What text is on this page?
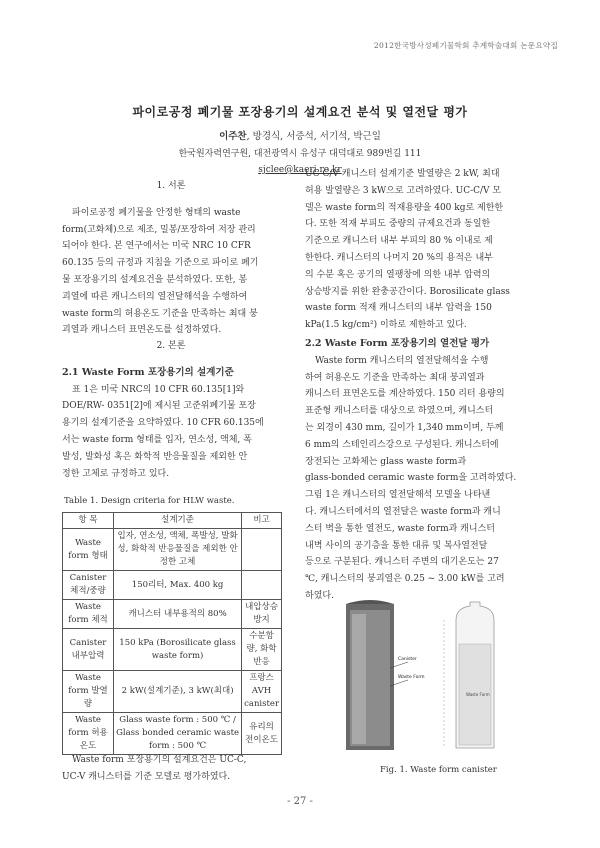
2012한국방사성폐기물학회 추계학술대회 논문요약집
파이로공정 폐기물 포장용기의 설계요건 분석 및 열전달 평가
이주찬, 방경식, 서증석, 서기석, 박근일
한국원자력연구원, 대전광역시 유성구 대덕대로 989번길 111
sjclee@kaeri.re.kr

1. 서론

파이로공정 폐기물을 안정한 형태의 waste

form(고화체)으로 제조, 밀봉/포장하여 저장 관리

되어야 한다. 본 연구에서는 미국 NRC 10 CFR

60.135 등의 규정과 지침을 기준으로 파이로 폐기

물 포장용기의 설계요건을 분석하였다. 또한, 봉

괴열에 따른 캐니스터의 열전달해석을 수행하여

waste form의 허용온도 기준을 만족하는 최대 붕

괴열과 캐니스터 표면온도를 설정하였다.

2. 본론

2.1 Waste Form 포장용기의 설계기준

표 1은 미국 NRC의 10 CFR 60.135[1]와

DOE/RW- 0351[2]에 제시된 고준위폐기물 포장

용기의 설계기준을 요약하였다. 10 CFR 60.135에

서는 waste form 형태를 입자, 연소성, 액체, 폭

발성, 발화성 혹은 화학적 반응물질을 제외한 안

정한 고체로 규정하고 있다.

Table 1. Design criteria for HLW waste.
항 목	설계기준	비고
Waste form 형태	입자, 연소성, 액체, 폭발성, 발화성, 화학적 반응물질을 제외한 안정한 고체	
Canister 체적/중량	150리터, Max. 400 kg	
Waste form 체적	캐니스터 내부용적의 80%	내압상승 방지
Canister 내부압력	150 kPa (Borosilicate glass waste form)	수분함량, 화학반응
Waste form 발열량	2 kW(설계기준), 3 kW(최대)	프랑스 AVH canister
Waste form 허용온도	Glass waste form : 500 ℃ / Glass bonded ceramic waste form : 500 ℃	유리의 전이온도

Waste form 포장용기의 설계요건은 UC-C,

UC-V 캐니스터를 기준 모델로 평가하였다.

UC-C/V 캐니스터 설계기준 발열량은 2 kW, 최대

허용 발열량은 3 kW으로 고려하였다. UC-C/V 모

델은 waste form의 적재용량을 400 kg로 제한한

다. 또한 적재 부피도 중량의 규제요건과 동일한

기준으로 캐니스터 내부 부피의 80 % 이내로 제

한한다. 캐니스터의 나머지 20 %의 용적은 내부

의 수분 혹은 공기의 열팽창에 의한 내부 압력의

상승방지를 위한 완충공간이다. Borosilicate glass

waste form 적재 캐니스터의 내부 압력을 150

kPa(1.5 kg/cm²) 이하로 제한하고 있다.

2.2 Waste Form 포장용기의 열전달 평가

Waste form 캐니스터의 열전달해석을 수행

하여 허용온도 기준을 만족하는 최대 붕괴열과

캐니스터 표면온도를 계산하였다. 150 리터 용량의

표준형 캐니스터를 대상으로 하였으며, 캐니스터

는 외경이 430 mm, 길이가 1,340 mm이며, 두께

6 mm의 스테인리스강으로 구성된다. 캐니스터에

장전되는 고화체는 glass waste form과

glass-bonded ceramic waste form을 고려하였다.

그림 1은 캐니스터의 열전달해석 모델을 나타낸

다. 캐니스터에서의 열전달은 waste form과 캐니

스터 벽을 통한 열전도, waste form과 캐니스터

내벽 사이의 공기층을 통한 대류 및 복사열전달

등으로 구분된다. 캐니스터 주변의 대기온도는 27

℃, 캐니스터의 붕괴열은 0.25 ~ 3.00 kW를 고려

하였다.

Canister
Waste Form
Waste Form
Fig. 1. Waste form canister
- 27 -
